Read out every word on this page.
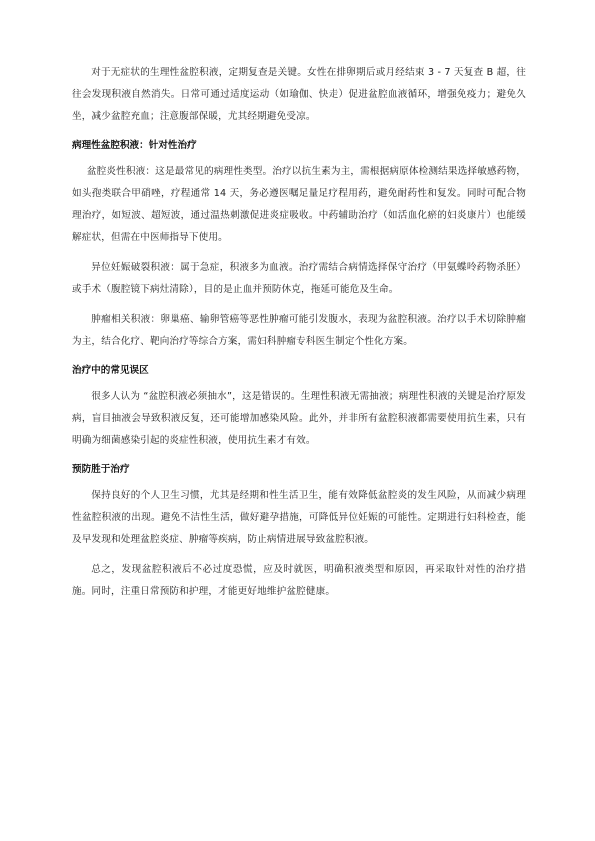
对于无症状的生理性盆腔积液，定期复查是关键。女性在排卵期后或月经结束 3 - 7 天复查 B 超，往往会发现积液自然消失。日常可通过适度运动（如瑜伽、快走）促进盆腔血液循环，增强免疫力；避免久坐，减少盆腔充血；注意腹部保暖，尤其经期避免受凉。

病理性盆腔积液：针对性治疗

盆腔炎性积液：这是最常见的病理性类型。治疗以抗生素为主，需根据病原体检测结果选择敏感药物，如头孢类联合甲硝唑，疗程通常 14 天，务必遵医嘱足量足疗程用药，避免耐药性和复发。同时可配合物理治疗，如短波、超短波，通过温热刺激促进炎症吸收。中药辅助治疗（如活血化瘀的妇炎康片）也能缓解症状，但需在中医师指导下使用。

异位妊娠破裂积液：属于急症，积液多为血液。治疗需结合病情选择保守治疗（甲氨蝶呤药物杀胚）或手术（腹腔镜下病灶清除），目的是止血并预防休克，拖延可能危及生命。

肿瘤相关积液：卵巢癌、输卵管癌等恶性肿瘤可能引发腹水，表现为盆腔积液。治疗以手术切除肿瘤为主，结合化疗、靶向治疗等综合方案，需妇科肿瘤专科医生制定个性化方案。

治疗中的常见误区

很多人认为 “盆腔积液必须抽水”，这是错误的。生理性积液无需抽液；病理性积液的关键是治疗原发病，盲目抽液会导致积液反复，还可能增加感染风险。此外，并非所有盆腔积液都需要使用抗生素，只有明确为细菌感染引起的炎症性积液，使用抗生素才有效。

预防胜于治疗

保持良好的个人卫生习惯，尤其是经期和性生活卫生，能有效降低盆腔炎的发生风险，从而减少病理性盆腔积液的出现。避免不洁性生活，做好避孕措施，可降低异位妊娠的可能性。定期进行妇科检查，能及早发现和处理盆腔炎症、肿瘤等疾病，防止病情进展导致盆腔积液。

总之，发现盆腔积液后不必过度恐慌，应及时就医，明确积液类型和原因，再采取针对性的治疗措施。同时，注重日常预防和护理，才能更好地维护盆腔健康。
